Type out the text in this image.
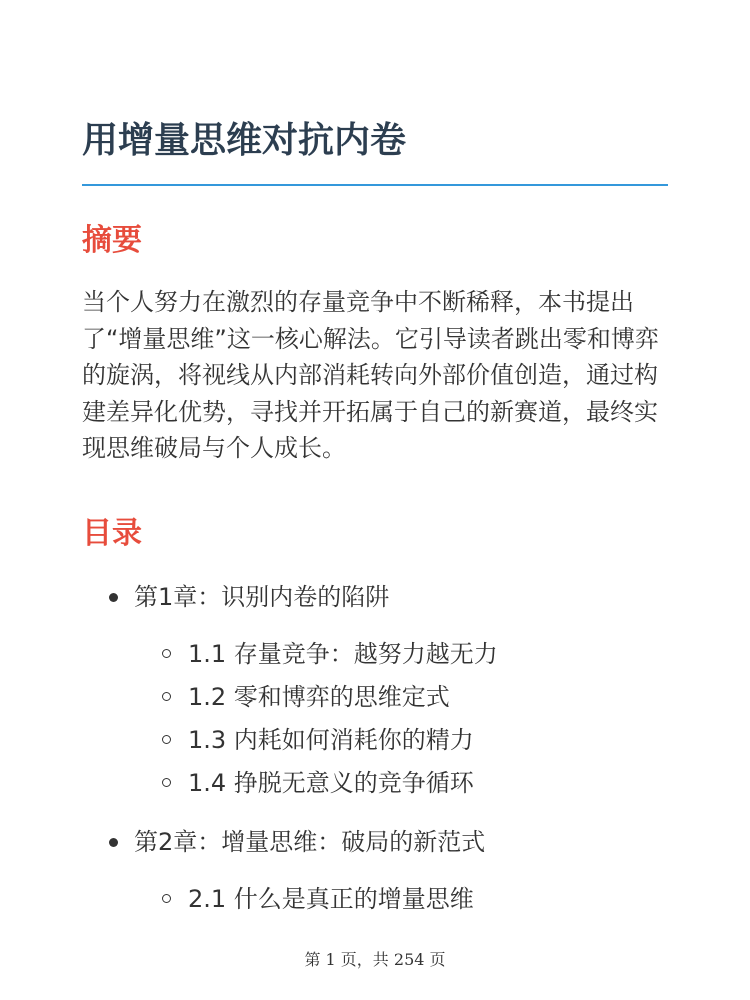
用增量思维对抗内卷
摘要

当个人努力在激烈的存量竞争中不断稀释，本书提出了“增量思维”这一核心解法。它引导读者跳出零和博弈的旋涡，将视线从内部消耗转向外部价值创造，通过构建差异化优势，寻找并开拓属于自己的新赛道，最终实现思维破局与个人成长。

目录
第1章：识别内卷的陷阱
1.1 存量竞争：越努力越无力
1.2 零和博弈的思维定式
1.3 内耗如何消耗你的精力
1.4 挣脱无意义的竞争循环
第2章：增量思维：破局的新范式
2.1 什么是真正的增量思维
第 1 页，共 254 页
